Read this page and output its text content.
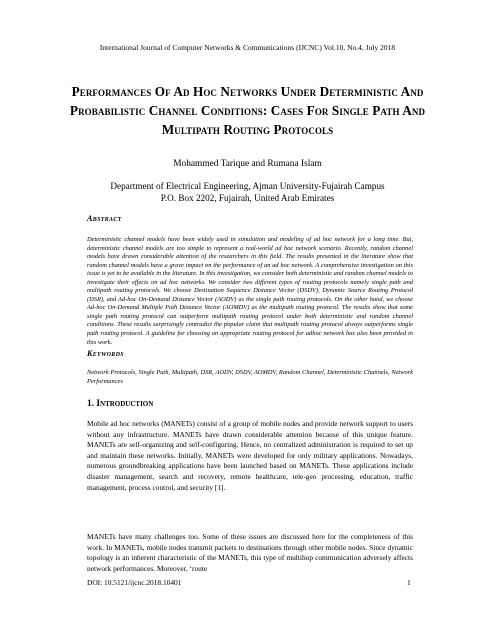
International Journal of Computer Networks & Communications (IJCNC) Vol.10, No.4, July 2018
Performances Of Ad Hoc Networks Under Deterministic And Probabilistic Channel Conditions: Cases For Single Path And Multipath Routing Protocols
Mohammed Tarique and Rumana Islam
Department of Electrical Engineering, Ajman University-Fujairah Campus
P.O. Box 2202, Fujairah, United Arab Emirates
Abstract
Deterministic channel models have been widely used in simulation and modeling of ad hoc network for a long time. But, deterministic channel models are too simple to represent a real-world ad hoc network scenario. Recently, random channel models have drawn considerable attention of the researchers in this field. The results presented in the literature show that random channel models have a grave impact on the performance of an ad hoc network. A comprehensive investigation on this issue is yet to be available in the literature. In this investigation, we consider both deterministic and random channel models to investigate their effects on ad hoc networks. We consider two different types of routing protocols namely single path and multipath routing protocols. We choose Destination Sequence Distance Vector (DSDV), Dynamic Source Routing Protocol (DSR), and Ad-hoc On-Demand Distance Vector (AODV) as the single path routing protocols. On the other hand, we choose Ad-hoc On-Demand Multiple Path Distance Vector (AOMDV) as the multipath routing protocol. The results show that some single path routing protocol can outperform multipath routing protocol under both deterministic and random channel conditions. These results surprisingly contradict the popular claim that multipath routing protocol always outperforms single path routing protocol. A guideline for choosing an appropriate routing protocol for adhoc network has also been provided in this work.
Keywords
Network Protocols, Single Path, Multipath, DSR, AODV, DSDV, AOMDV, Random Channel, Deterministic Channels, Network Performances
1. Introduction
Mobile ad hoc networks (MANETs) consist of a group of mobile nodes and provide network support to users without any infrastructure. MANETs have drawn considerable attention because of this unique feature. MANETs are self-organizing and self-configuring. Hence, no centralized administration is required to set up and maintain these networks. Initially, MANETs were developed for only military applications. Nowadays, numerous groundbreaking applications have been launched based on MANETs. These applications include disaster management, search and recovery, remote healthcare, tele-geo processing, education, traffic management, process control, and security [1].
MANETs have many challenges too. Some of these issues are discussed here for the completeness of this work. In MANETs, mobile nodes transmit packets to destinations through other mobile nodes. Since dynamic topology is an inherent characteristic of the MANETs, this type of multihop communication adversely affects network performances. Moreover, ‘route
DOI: 10.5121/ijcnc.2018.10401	1
